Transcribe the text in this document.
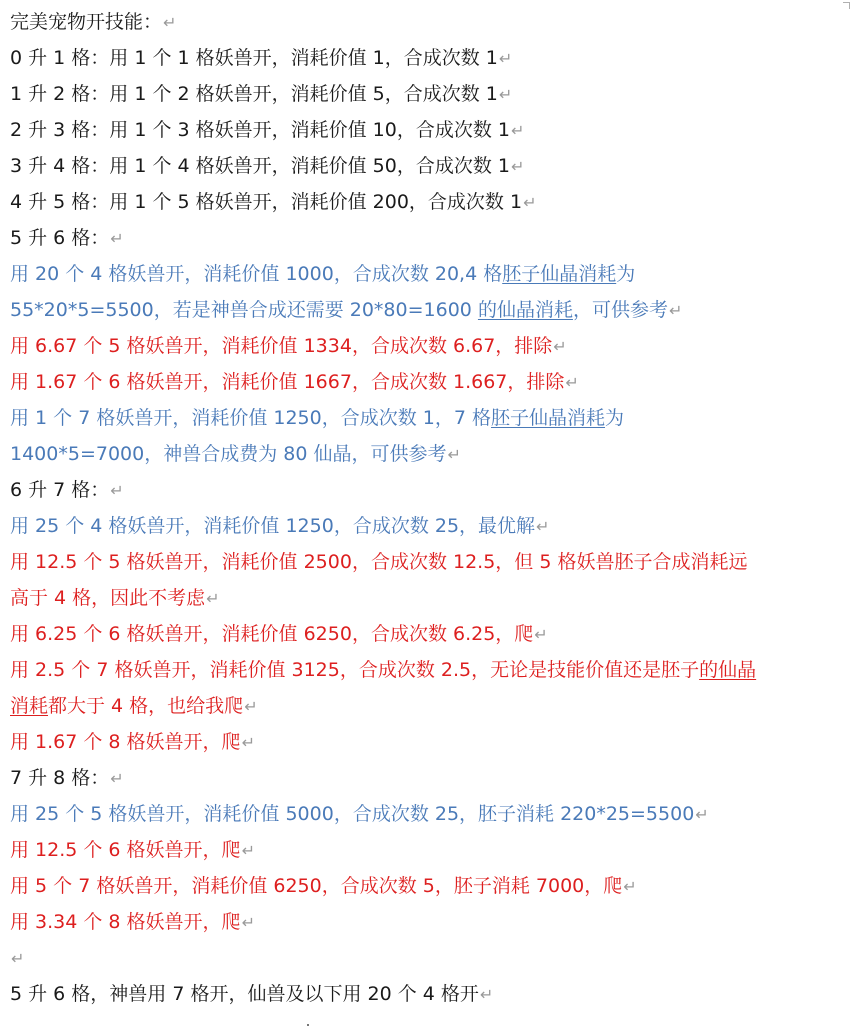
完美宠物开技能：↵
0 升 1 格：用 1 个 1 格妖兽开，消耗价值 1，合成次数 1↵
1 升 2 格：用 1 个 2 格妖兽开，消耗价值 5，合成次数 1↵
2 升 3 格：用 1 个 3 格妖兽开，消耗价值 10，合成次数 1↵
3 升 4 格：用 1 个 4 格妖兽开，消耗价值 50，合成次数 1↵
4 升 5 格：用 1 个 5 格妖兽开，消耗价值 200，合成次数 1↵
5 升 6 格：↵
用 20 个 4 格妖兽开，消耗价值 1000，合成次数 20,4 格胚子仙晶消耗为
55*20*5=5500，若是神兽合成还需要 20*80=1600 的仙晶消耗，可供参考↵
用 6.67 个 5 格妖兽开，消耗价值 1334，合成次数 6.67，排除↵
用 1.67 个 6 格妖兽开，消耗价值 1667，合成次数 1.667，排除↵
用 1 个 7 格妖兽开，消耗价值 1250，合成次数 1，7 格胚子仙晶消耗为
1400*5=7000，神兽合成费为 80 仙晶，可供参考↵
6 升 7 格：↵
用 25 个 4 格妖兽开，消耗价值 1250，合成次数 25，最优解↵
用 12.5 个 5 格妖兽开，消耗价值 2500，合成次数 12.5，但 5 格妖兽胚子合成消耗远
高于 4 格，因此不考虑↵
用 6.25 个 6 格妖兽开，消耗价值 6250，合成次数 6.25，爬↵
用 2.5 个 7 格妖兽开，消耗价值 3125，合成次数 2.5，无论是技能价值还是胚子的仙晶
消耗都大于 4 格，也给我爬↵
用 1.67 个 8 格妖兽开，爬↵
7 升 8 格：↵
用 25 个 5 格妖兽开，消耗价值 5000，合成次数 25，胚子消耗 220*25=5500↵
用 12.5 个 6 格妖兽开，爬↵
用 5 个 7 格妖兽开，消耗价值 6250，合成次数 5，胚子消耗 7000，爬↵
用 3.34 个 8 格妖兽开，爬↵
↵
5 升 6 格，神兽用 7 格开，仙兽及以下用 20 个 4 格开↵
